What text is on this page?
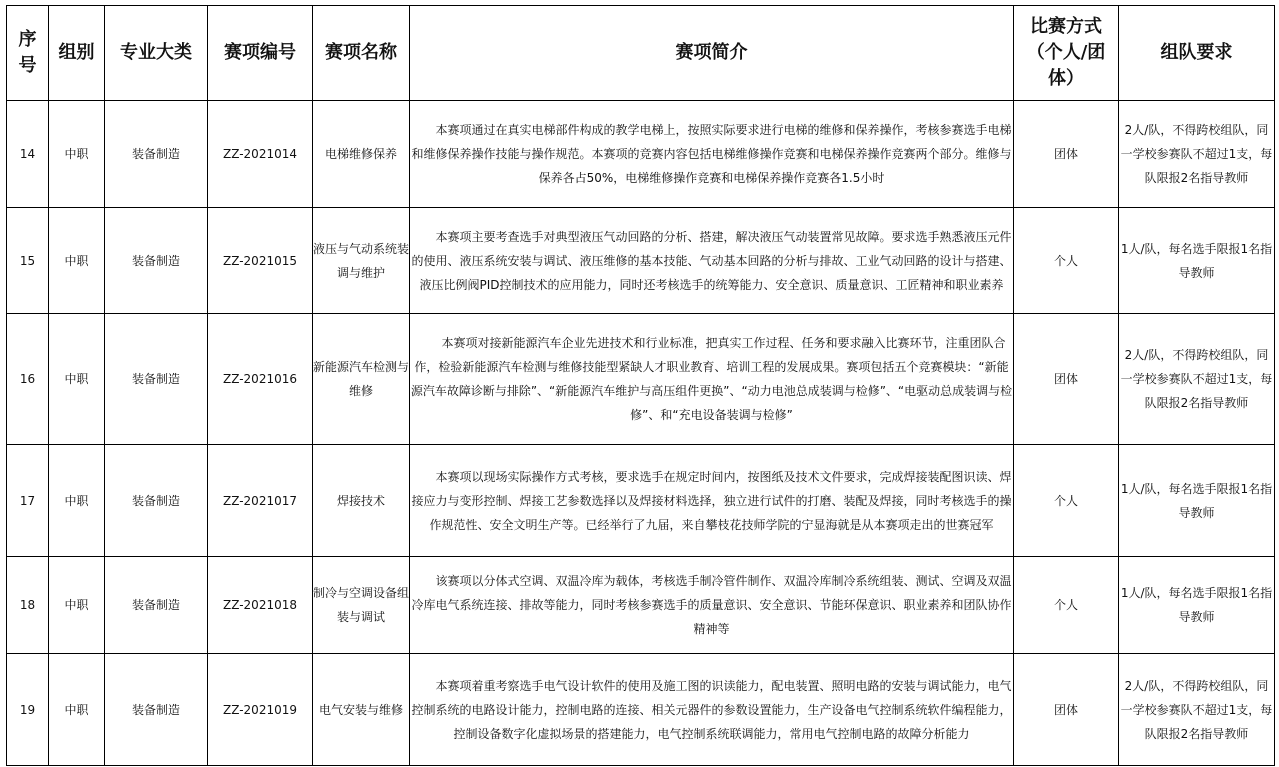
序号	组别	专业大类	赛项编号	赛项名称	赛项简介	比赛方式（个人/团体）	组队要求
14	中职	装备制造	ZZ-2021014	电梯维修保养	本赛项通过在真实电梯部件构成的教学电梯上，按照实际要求进行电梯的维修和保养操作，考核参赛选手电梯和维修保养操作技能与操作规范。本赛项的竞赛内容包括电梯维修操作竞赛和电梯保养操作竞赛两个部分。维修与保养各占50%，电梯维修操作竞赛和电梯保养操作竞赛各1.5小时	团体	2人/队，不得跨校组队，同一学校参赛队不超过1支，每队限报2名指导教师
15	中职	装备制造	ZZ-2021015	液压与气动系统装调与维护	本赛项主要考查选手对典型液压气动回路的分析、搭建，解决液压气动装置常见故障。要求选手熟悉液压元件的使用、液压系统安装与调试、液压维修的基本技能、气动基本回路的分析与排故、工业气动回路的设计与搭建、液压比例阀PID控制技术的应用能力，同时还考核选手的统筹能力、安全意识、质量意识、工匠精神和职业素养	个人	1人/队，每名选手限报1名指导教师
16	中职	装备制造	ZZ-2021016	新能源汽车检测与维修	本赛项对接新能源汽车企业先进技术和行业标准，把真实工作过程、任务和要求融入比赛环节，注重团队合作，检验新能源汽车检测与维修技能型紧缺人才职业教育、培训工程的发展成果。赛项包括五个竞赛模块：“新能源汽车故障诊断与排除”、“新能源汽车维护与高压组件更换”、“动力电池总成装调与检修”、“电驱动总成装调与检修”、和“充电设备装调与检修”	团体	2人/队，不得跨校组队，同一学校参赛队不超过1支，每队限报2名指导教师
17	中职	装备制造	ZZ-2021017	焊接技术	本赛项以现场实际操作方式考核，要求选手在规定时间内，按图纸及技术文件要求，完成焊接装配图识读、焊接应力与变形控制、焊接工艺参数选择以及焊接材料选择，独立进行试件的打磨、装配及焊接，同时考核选手的操作规范性、安全文明生产等。已经举行了九届，来自攀枝花技师学院的宁显海就是从本赛项走出的世赛冠军	个人	1人/队，每名选手限报1名指导教师
18	中职	装备制造	ZZ-2021018	制冷与空调设备组装与调试	该赛项以分体式空调、双温冷库为载体，考核选手制冷管件制作、双温冷库制冷系统组装、测试、空调及双温冷库电气系统连接、排故等能力，同时考核参赛选手的质量意识、安全意识、节能环保意识、职业素养和团队协作精神等	个人	1人/队，每名选手限报1名指导教师
19	中职	装备制造	ZZ-2021019	电气安装与维修	本赛项着重考察选手电气设计软件的使用及施工图的识读能力，配电装置、照明电路的安装与调试能力，电气控制系统的电路设计能力，控制电路的连接、相关元器件的参数设置能力，生产设备电气控制系统软件编程能力，控制设备数字化虚拟场景的搭建能力，电气控制系统联调能力，常用电气控制电路的故障分析能力	团体	2人/队，不得跨校组队，同一学校参赛队不超过1支，每队限报2名指导教师
